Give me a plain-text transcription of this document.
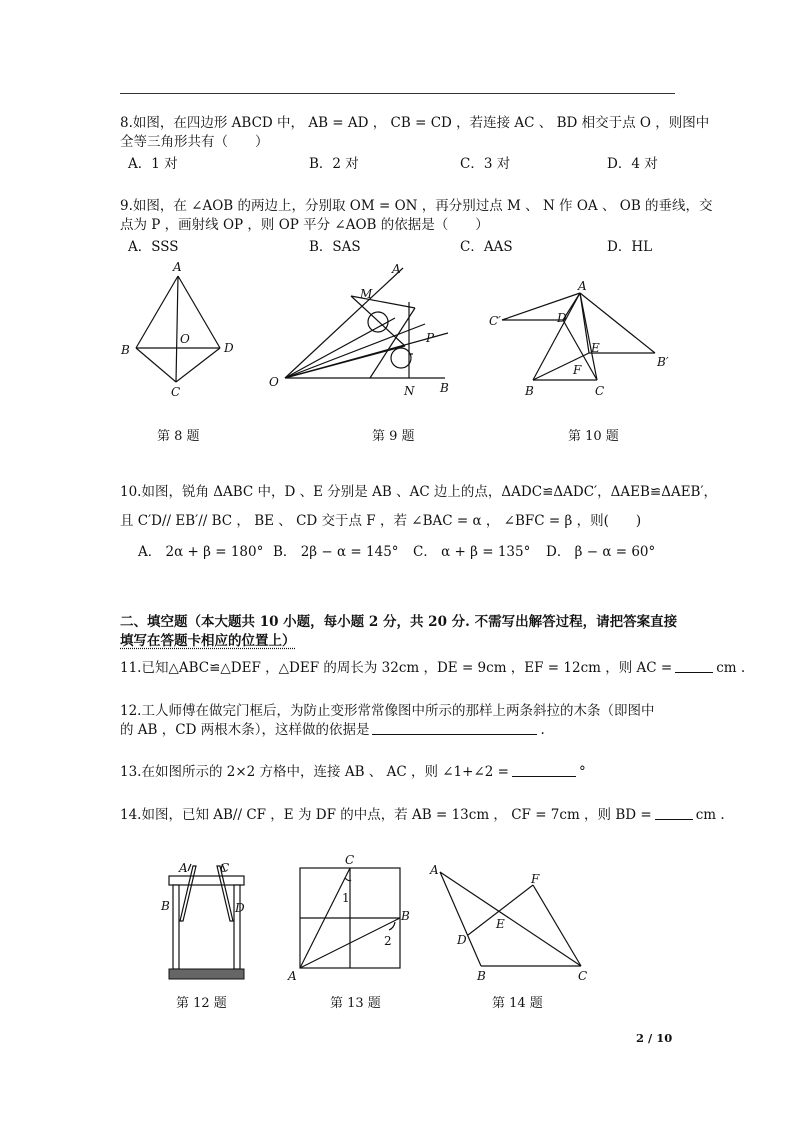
8.如图，在四边形 ABCD 中， AB = AD ， CB = CD ，若连接 AC 、 BD 相交于点 O ，则图中
全等三角形共有（　　）
A．1 对	B．2 对	C．3 对	D．4 对
9.如图，在 ∠AOB 的两边上，分别取 OM = ON ，再分别过点 M 、 N 作 OA 、 OB 的垂线，交
点为 P ，画射线 OP ，则 OP 平分 ∠AOB 的依据是（　　）
A．SSS	B．SAS	C．AAS	D．HL
A
B
O
D
C
A
M
P
O
N B
A
C′	D
E
B′
F
B	C
第 8 题	第 9 题	第 10 题
10.如图，锐角 ΔABC 中，D 、E 分别是 AB 、AC 边上的点，ΔADC≌ΔADC′，ΔAEB≌ΔAEB′，
且 C′D// EB′// BC ， BE 、 CD 交于点 F ，若 ∠BAC = α ， ∠BFC = β ，则(　　)
A． 2α + β = 180° B． 2β − α = 145° C． α + β = 135° D． β − α = 60°
二、填空题（本大题共 10 小题，每小题 2 分，共 20 分. 不需写出解答过程，请把答案直接
填写在答题卡相应的位置上）
11.已知△ABC≌△DEF ，△DEF 的周长为 32cm ，DE = 9cm ，EF = 12cm ，则 AC =	cm .
12.工人师傅在做完门框后，为防止变形常常像图中所示的那样上两条斜拉的木条（即图中
的 AB ，CD 两根木条），这样做的依据是	.
13.在如图所示的 2×2 方格中，连接 AB 、 AC ，则 ∠1+∠2 =	°
14.如图，已知 AB// CF ，E 为 DF 的中点，若 AB = 13cm ， CF = 7cm ，则 BD =	cm .
A	C
B	D
C
1
B
2
A
A
F
E
D
B	C
第 12 题	第 13 题	第 14 题
2 / 10
